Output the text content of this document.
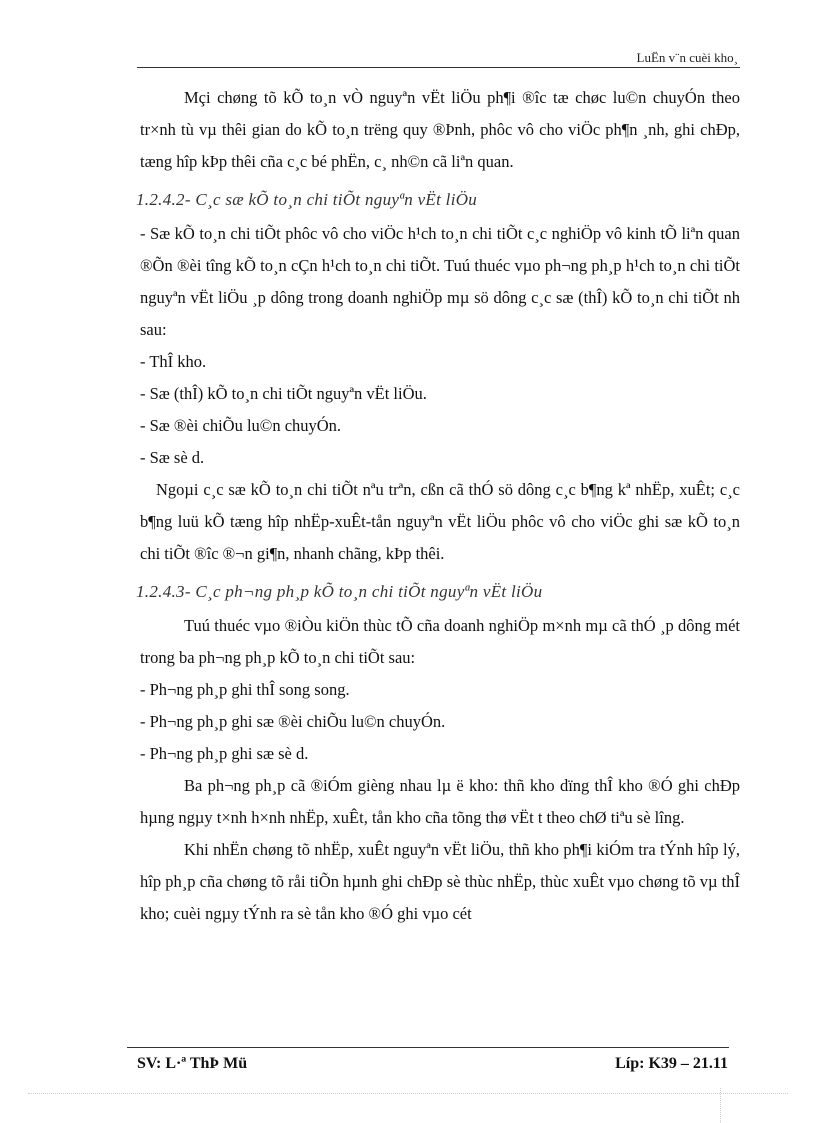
LuËn v¨n cuèi kho¸

Mçi chøng tõ kÕ to¸n vÒ nguyªn vËt liÖu ph¶i ®îc tæ chøc lu©n chuyÓn theo tr×nh tù vµ thêi gian do kÕ to¸n trëng quy ®Þnh, phôc vô cho viÖc ph¶n ¸nh, ghi chÐp, tæng hîp kÞp thêi cña c¸c bé phËn, c¸ nh©n cã liªn quan.

1.2.4.2- C¸c sæ kÕ to¸n chi tiÕt nguyªn vËt liÖu

- Sæ kÕ to¸n chi tiÕt phôc vô cho viÖc h¹ch to¸n chi tiÕt c¸c nghiÖp vô kinh tÕ liªn quan ®Õn ®èi tîng kÕ to¸n cÇn h¹ch to¸n chi tiÕt. Tuú thuéc vµo ph¬ng ph¸p h¹ch to¸n chi tiÕt nguyªn vËt liÖu ¸p dông trong doanh nghiÖp mµ sö dông c¸c sæ (thÎ) kÕ to¸n chi tiÕt nh sau:

- ThÎ kho.

- Sæ (thÎ) kÕ to¸n chi tiÕt nguyªn vËt liÖu.

- Sæ ®èi chiÕu lu©n chuyÓn.

- Sæ sè d.

Ngoµi c¸c sæ kÕ to¸n chi tiÕt nªu trªn, cßn cã thÓ sö dông c¸c b¶ng kª nhËp, xuÊt; c¸c b¶ng luü kÕ tæng hîp nhËp-xuÊt-tån nguyªn vËt liÖu phôc vô cho viÖc ghi sæ kÕ to¸n chi tiÕt ®îc ®¬n gi¶n, nhanh chãng, kÞp thêi.

1.2.4.3- C¸c ph¬ng ph¸p kÕ to¸n chi tiÕt nguyªn vËt liÖu

Tuú thuéc vµo ®iÒu kiÖn thùc tÕ cña doanh nghiÖp m×nh mµ cã thÓ ¸p dông mét trong ba ph¬ng ph¸p kÕ to¸n chi tiÕt sau:

- Ph¬ng ph¸p ghi thÎ song song.

- Ph¬ng ph¸p ghi sæ ®èi chiÕu lu©n chuyÓn.

- Ph¬ng ph¸p ghi sæ sè d.

Ba ph¬ng ph¸p cã ®iÓm gièng nhau lµ ë kho: thñ kho dïng thÎ kho ®Ó ghi chÐp hµng ngµy t×nh h×nh nhËp, xuÊt, tån kho cña tõng thø vËt t theo chØ tiªu sè lîng.

Khi nhËn chøng tõ nhËp, xuÊt nguyªn vËt liÖu, thñ kho ph¶i kiÓm tra tÝnh hîp lý, hîp ph¸p cña chøng tõ råi tiÕn hµnh ghi chÐp sè thùc nhËp, thùc xuÊt vµo chøng tõ vµ thÎ kho; cuèi ngµy tÝnh ra sè tån kho ®Ó ghi vµo cét

SV: L·ª ThÞ Mü	Líp: K39 – 21.11
